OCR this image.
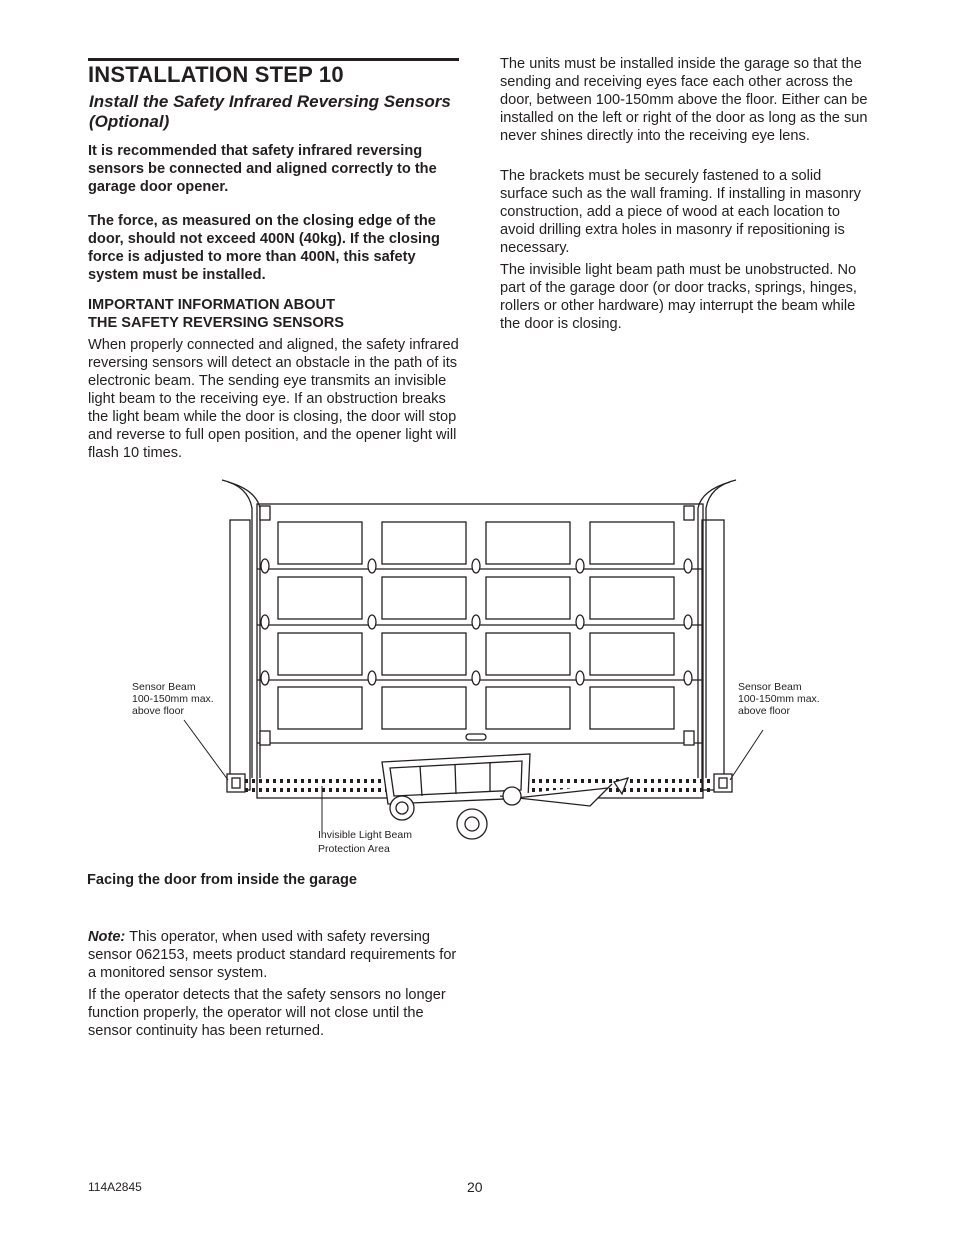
INSTALLATION STEP 10
Install the Safety Infrared Reversing Sensors (Optional)
It is recommended that safety infrared reversing sensors be connected and aligned correctly to the garage door opener.
The force, as measured on the closing edge of the door, should not exceed 400N (40kg). If the closing force is adjusted to more than 400N, this safety system must be installed.
IMPORTANT INFORMATION ABOUT
THE SAFETY REVERSING SENSORS
When properly connected and aligned, the safety infrared reversing sensors will detect an obstacle in the path of its electronic beam. The sending eye transmits an invisible light beam to the receiving eye. If an obstruction breaks the light beam while the door is closing, the door will stop and reverse to full open position, and the opener light will flash 10 times.
The units must be installed inside the garage so that the sending and receiving eyes face each other across the door, between 100-150mm above the floor. Either can be installed on the left or right of the door as long as the sun never shines directly into the receiving eye lens.
The brackets must be securely fastened to a solid surface such as the wall framing. If installing in masonry construction, add a piece of wood at each location to avoid drilling extra holes in masonry if repositioning is necessary.
The invisible light beam path must be unobstructed. No part of the garage door (or door tracks, springs, hinges, rollers or other hardware) may interrupt the beam while the door is closing.
Sensor Beam
100-150mm max.
above floor
Sensor Beam
100-150mm max.
above floor
Invisible Light Beam
Protection Area
Facing the door from inside the garage
Note: This operator, when used with safety reversing sensor 062153, meets product standard requirements for a monitored sensor system.
If the operator detects that the safety sensors no longer function properly, the operator will not close until the sensor continuity has been returned.
114A2845	20
